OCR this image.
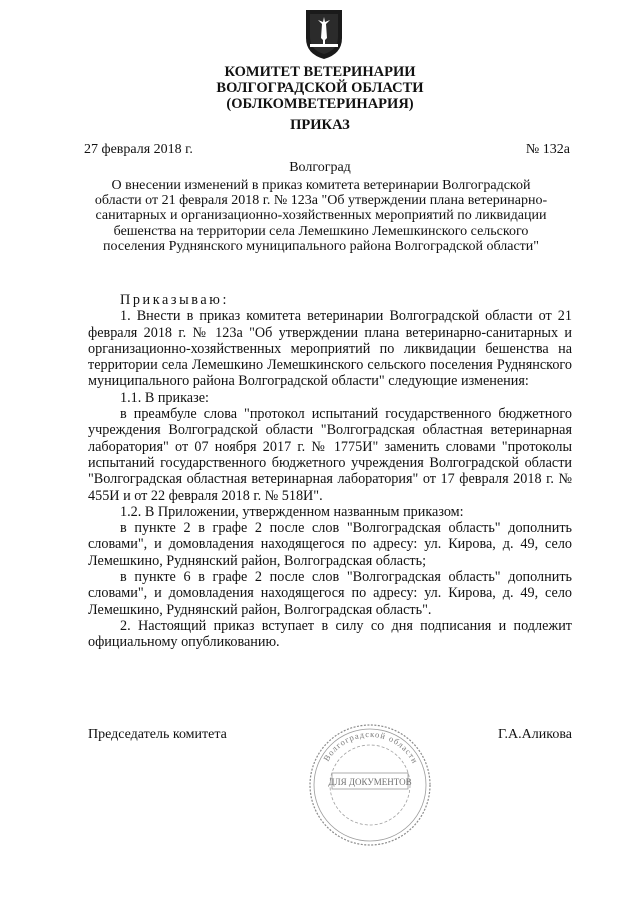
КОМИТЕТ ВЕТЕРИНАРИИ
ВОЛГОГРАДСКОЙ ОБЛАСТИ
(ОБЛКОМВЕТЕРИНАРИЯ)
ПРИКАЗ
27 февраля 2018 г.	№ 132а
Волгоград
О внесении изменений в приказ комитета ветеринарии Волгоградской области от 21 февраля 2018 г. № 123а "Об утверждении плана ветеринарно-санитарных и организационно-хозяйственных мероприятий по ликвидации бешенства на территории села Лемешкино Лемешкинского сельского поселения Руднянского муниципального района Волгоградской области"

Приказываю:

1. Внести в приказ комитета ветеринарии Волгоградской области от 21 февраля 2018 г. № 123а "Об утверждении плана ветеринарно-санитарных и организационно-хозяйственных мероприятий по ликвидации бешенства на территории села Лемешкино Лемешкинского сельского поселения Руднянского муниципального района Волгоградской области" следующие изменения:

1.1. В приказе:

в преамбуле слова "протокол испытаний государственного бюджетного учреждения Волгоградской области "Волгоградская областная ветеринарная лаборатория" от 07 ноября 2017 г. № 1775И" заменить словами "протоколы испытаний государственного бюджетного учреждения Волгоградской области "Волгоградская областная ветеринарная лаборатория" от 17 февраля 2018 г. № 455И и от 22 февраля 2018 г. № 518И".

1.2. В Приложении, утвержденном названным приказом:

в пункте 2 в графе 2 после слов "Волгоградская область" дополнить словами", и домовладения находящегося по адресу: ул. Кирова, д. 49, село Лемешкино, Руднянский район, Волгоградская область;

в пункте 6 в графе 2 после слов "Волгоградская область" дополнить словами", и домовладения находящегося по адресу: ул. Кирова, д. 49, село Лемешкино, Руднянский район, Волгоградская область".

2. Настоящий приказ вступает в силу со дня подписания и подлежит официальному опубликованию.

Председатель комитета	Г.А.Аликова
Волгоградской области
ДЛЯ ДОКУМЕНТОВ
